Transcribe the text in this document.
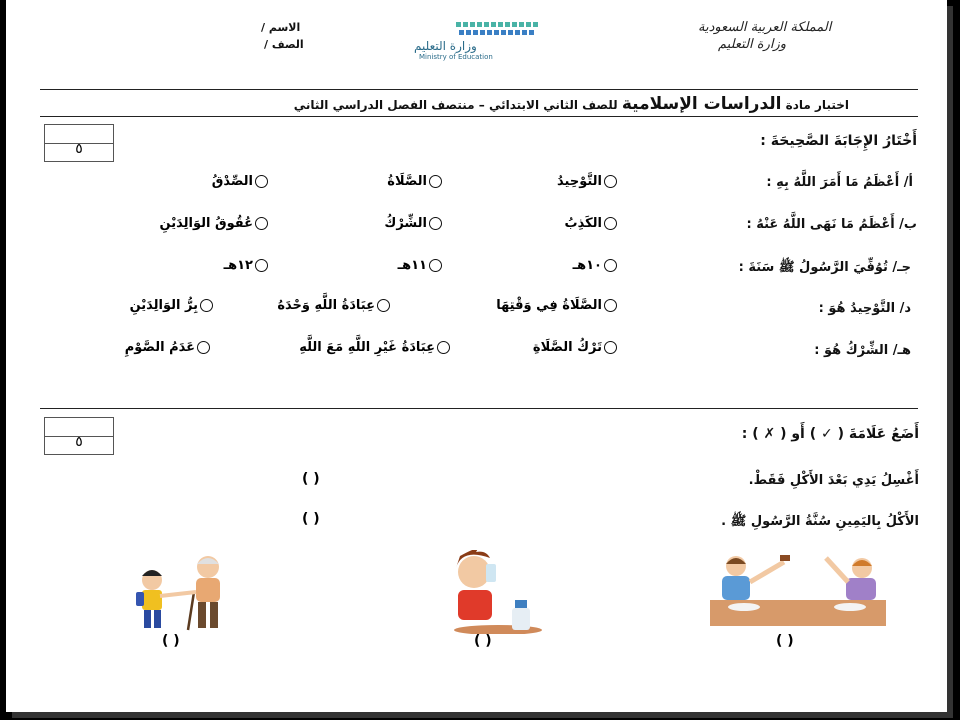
المملكة العربية السعودية
وزارة التعليم
وزارة التعليم
Ministry of Education
الاسم /
الصف /
اختبار مادة الدراسات الإسلامية للصف الثاني الابتدائي – منتصف الفصل الدراسي الثاني
٥	أَخْتَارُ الإِجَابَةَ الصَّحِيحَةَ :
أ/ أَعْظَمُ مَا أَمَرَ اللَّهُ بِهِ :
التَّوْحِيدُ
الصَّلَاةُ
الصِّدْقُ
ب/ أَعْظَمُ مَا نَهَى اللَّهُ عَنْهُ :
الكَذِبُ
الشِّرْكُ
عُقُوقُ الوَالِدَيْنِ
جـ/ تُوُفِّيَ الرَّسُولُ ﷺ سَنَةَ :
١٠هـ
١١هـ
١٢هـ
د/ التَّوْحِيدُ هُوَ :
الصَّلَاةُ فِي وَقْتِهَا
عِبَادَةُ اللَّهِ وَحْدَهُ
بِرُّ الوَالِدَيْنِ
هـ/ الشِّرْكُ هُوَ :
تَرْكُ الصَّلَاةِ
عِبَادَةُ غَيْرِ اللَّهِ مَعَ اللَّهِ
عَدَمُ الصَّوْمِ
٥	أَضَعُ عَلَامَةَ ( ✓ ) أَو ( ✗ ) :
أَغْسِلُ يَدِي بَعْدَ الأَكْلِ فَقَطْ.
( )
الأَكْلُ بِاليَمِينِ سُنَّةُ الرَّسُولِ ﷺ .
( )
( )	( )	( )
